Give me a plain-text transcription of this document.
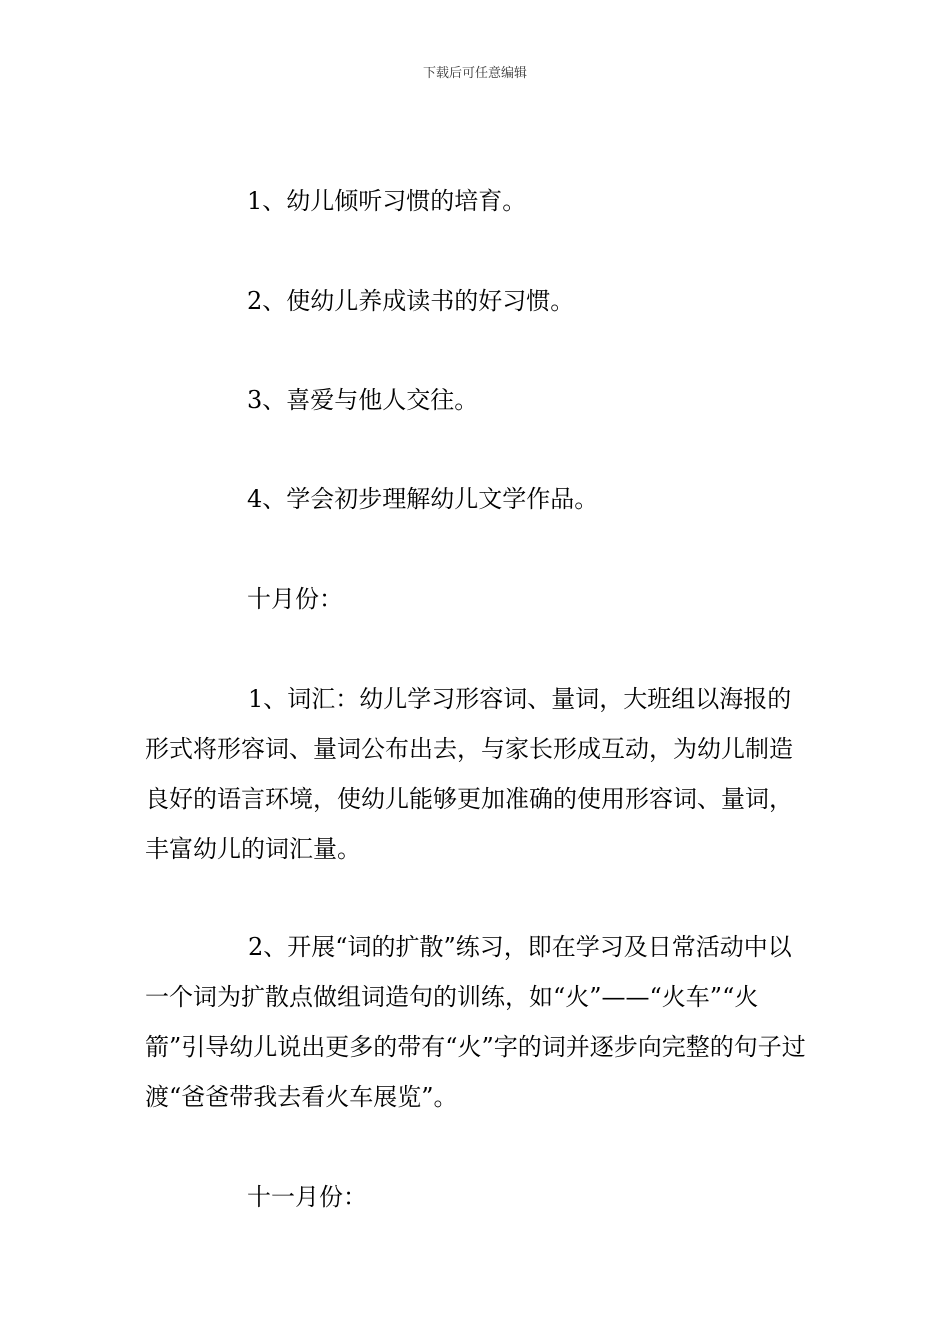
下载后可任意编辑
1、幼儿倾听习惯的培育。
2、使幼儿养成读书的好习惯。
3、喜爱与他人交往。
4、学会初步理解幼儿文学作品。
十月份：
1、词汇：幼儿学习形容词、量词，大班组以海报的形式将形容词、量词公布出去，与家长形成互动，为幼儿制造良好的语言环境，使幼儿能够更加准确的使用形容词、量词，丰富幼儿的词汇量。
2、开展“词的扩散”练习，即在学习及日常活动中以一个词为扩散点做组词造句的训练，如“火”——“火车”“火箭”引导幼儿说出更多的带有“火”字的词并逐步向完整的句子过渡“爸爸带我去看火车展览”。
十一月份：
